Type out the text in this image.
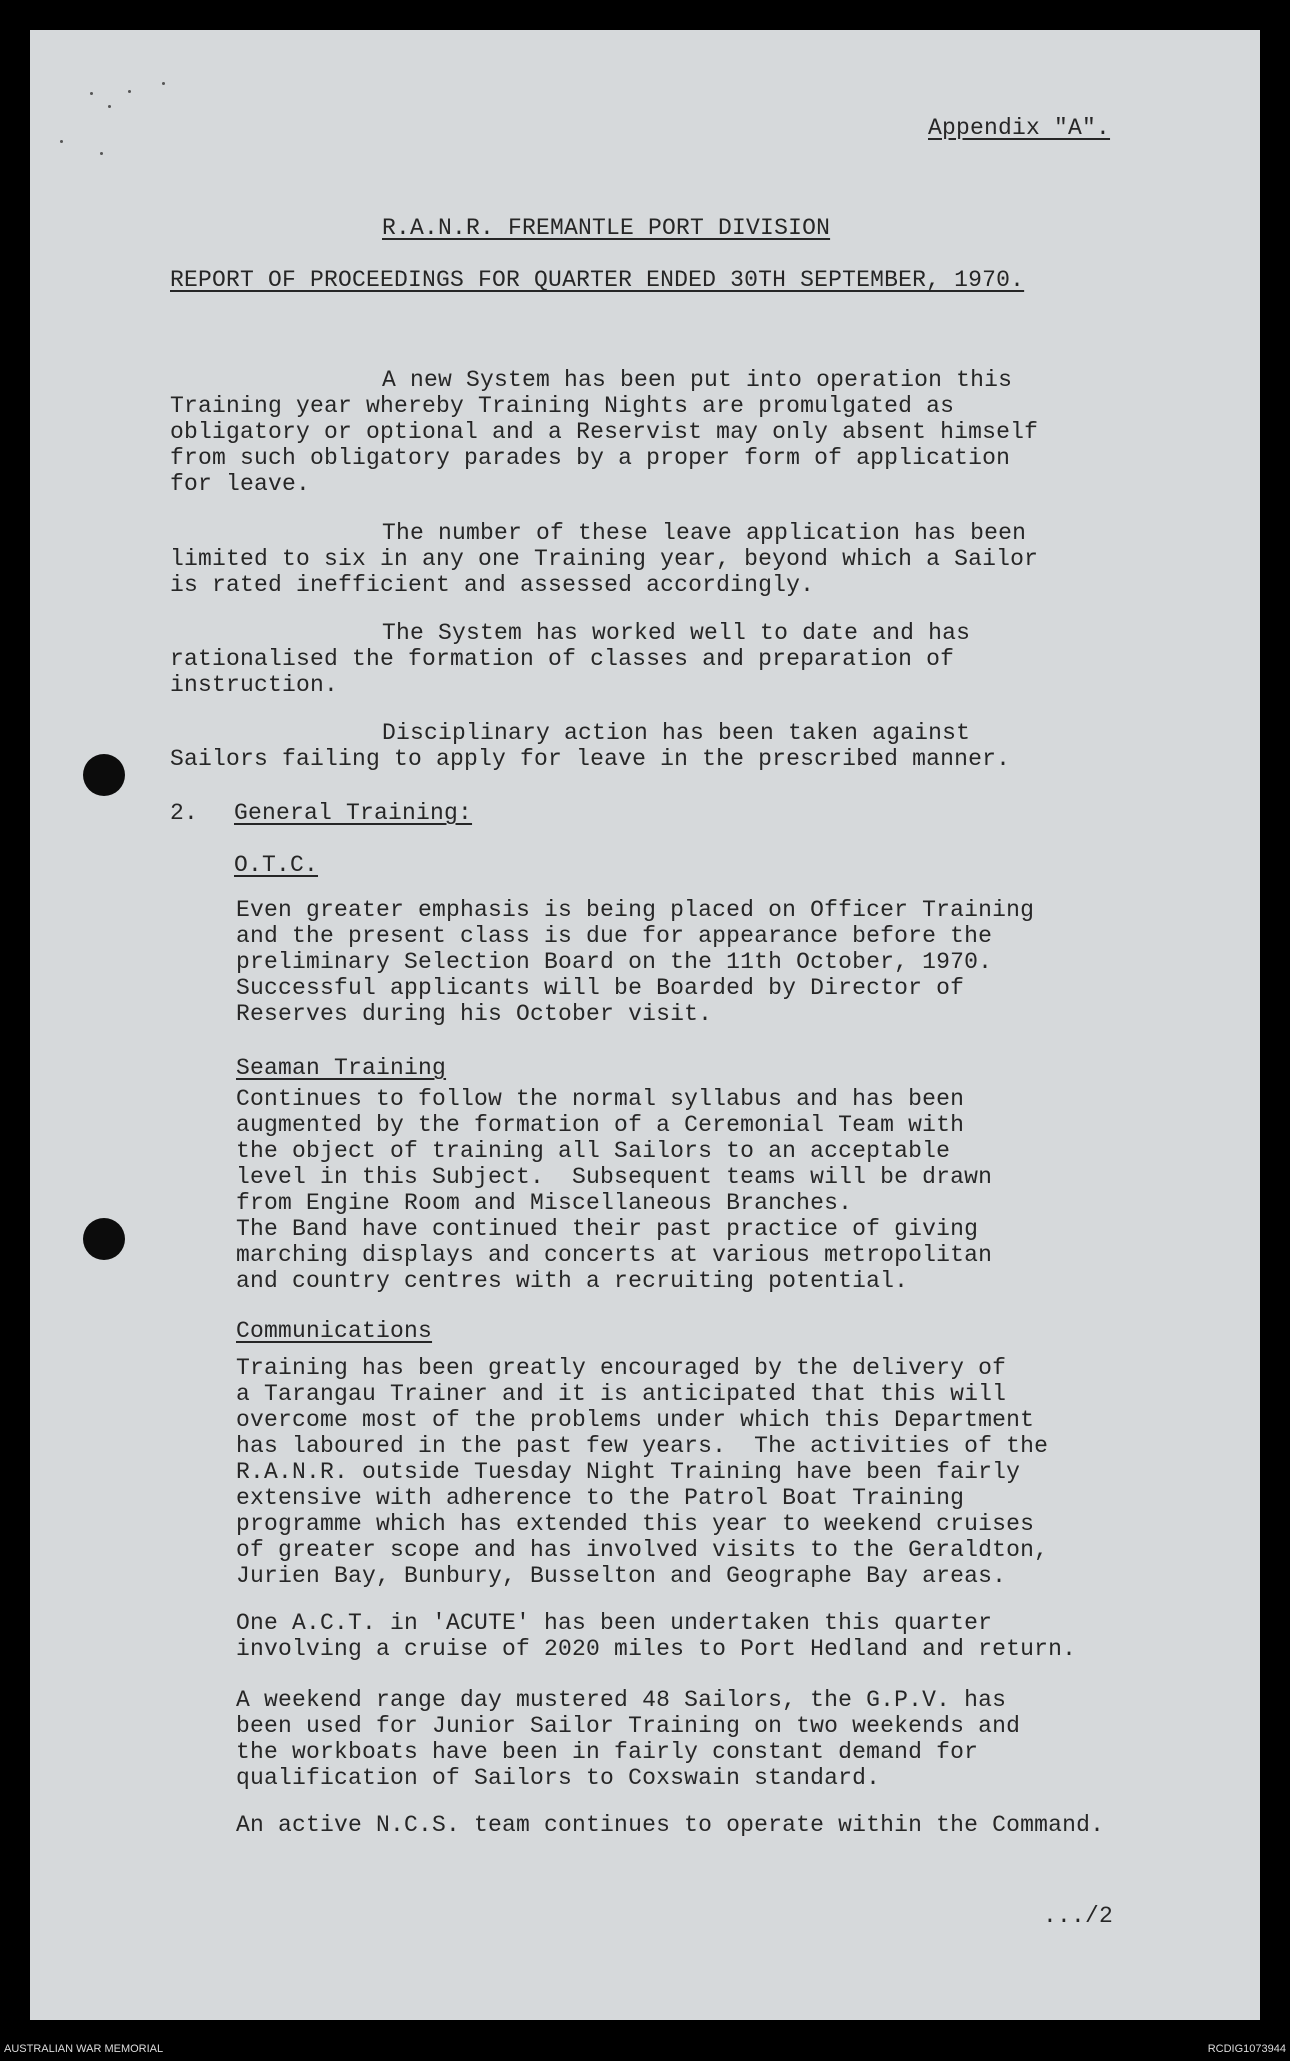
Appendix "A".
R.A.N.R. FREMANTLE PORT DIVISION
REPORT OF PROCEEDINGS FOR QUARTER ENDED 30TH SEPTEMBER, 1970.
A new System has been put into operation this
Training year whereby Training Nights are promulgated as
obligatory or optional and a Reservist may only absent himself
from such obligatory parades by a proper form of application
for leave.
The number of these leave application has been
limited to six in any one Training year, beyond which a Sailor
is rated inefficient and assessed accordingly.
The System has worked well to date and has
rationalised the formation of classes and preparation of
instruction.
Disciplinary action has been taken against
Sailors failing to apply for leave in the prescribed manner.
2. General Training:
O.T.C.
Even greater emphasis is being placed on Officer Training
and the present class is due for appearance before the
preliminary Selection Board on the 11th October, 1970.
Successful applicants will be Boarded by Director of
Reserves during his October visit.
Seaman Training
Continues to follow the normal syllabus and has been
augmented by the formation of a Ceremonial Team with
the object of training all Sailors to an acceptable
level in this Subject.  Subsequent teams will be drawn
from Engine Room and Miscellaneous Branches.
The Band have continued their past practice of giving
marching displays and concerts at various metropolitan
and country centres with a recruiting potential.
Communications
Training has been greatly encouraged by the delivery of
a Tarangau Trainer and it is anticipated that this will
overcome most of the problems under which this Department
has laboured in the past few years.  The activities of the
R.A.N.R. outside Tuesday Night Training have been fairly
extensive with adherence to the Patrol Boat Training
programme which has extended this year to weekend cruises
of greater scope and has involved visits to the Geraldton,
Jurien Bay, Bunbury, Busselton and Geographe Bay areas.
One A.C.T. in 'ACUTE' has been undertaken this quarter
involving a cruise of 2020 miles to Port Hedland and return.
A weekend range day mustered 48 Sailors, the G.P.V. has
been used for Junior Sailor Training on two weekends and
the workboats have been in fairly constant demand for
qualification of Sailors to Coxswain standard.
An active N.C.S. team continues to operate within the Command.
.../2
AUSTRALIAN WAR MEMORIAL	RCDIG1073944
